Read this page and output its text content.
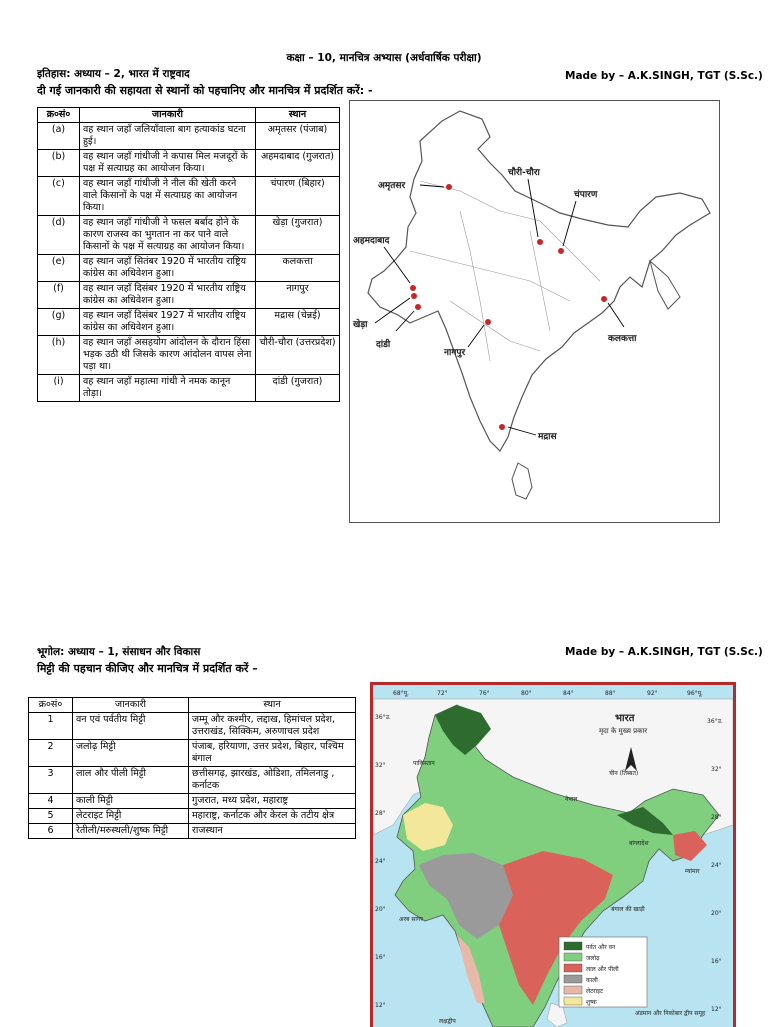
कक्षा – 10, मानचित्र अभ्यास (अर्धवार्षिक परीक्षा)
इतिहास: अध्याय – 2, भारत में राष्ट्रवाद	Made by – A.K.SINGH, TGT (S.Sc.)
दी गई जानकारी की सहायता से स्थानों को पहचानिए और मानचित्र में प्रदर्शित करें: -
क्र०सं०	जानकारी	स्थान
(a)	वह स्थान जहाँ जलियाँवाला बाग हत्याकांड घटना हुई।	अमृतसर (पंजाब)
(b)	वह स्थान जहाँ गांधीजी ने कपास मिल मजदूरों के पक्ष में सत्याग्रह का आयोजन किया।	अहमदाबाद (गुजरात)
(c)	वह स्थान जहाँ गांधीजी ने नील की खेती करने वाले किसानों के पक्ष में सत्याग्रह का आयोजन किया।	चंपारण (बिहार)
(d)	वह स्थान जहाँ गांधीजी ने फसल बर्बाद होने के कारण राजस्व का भुगतान ना कर पाने वाले किसानों के पक्ष में सत्याग्रह का आयोजन किया।	खेड़ा (गुजरात)
(e)	वह स्थान जहाँ सितंबर 1920 में भारतीय राष्ट्रिय कांग्रेस का अधिवेशन हुआ।	कलकत्ता
(f)	वह स्थान जहाँ दिसंबर 1920 में भारतीय राष्ट्रिय कांग्रेस का अधिवेशन हुआ।	नागपुर
(g)	वह स्थान जहाँ दिसंबर 1927 में भारतीय राष्ट्रिय कांग्रेस का अधिवेशन हुआ।	मद्रास (चेन्नई)
(h)	वह स्थान जहाँ असहयोग आंदोलन के दौरान हिंसा भड़क उठी थी जिसके कारण आंदोलन वापस लेना पड़ा था।	चौरी-चौरा (उत्तरप्रदेश)
(i)	वह स्थान जहाँ महात्मा गांधी ने नमक कानून तोड़ा।	दांडी (गुजरात)
अमृतसर
चौरी-चौरा
चंपारण
अहमदाबाद
खेड़ा
दांडी
नागपुर
कलकत्ता
मद्रास
भूगोल: अध्याय – 1, संसाधन और विकास	Made by – A.K.SINGH, TGT (S.Sc.)
मिट्टी की पहचान कीजिए और मानचित्र में प्रदर्शित करें –
क्र०सं०	जानकारी	स्थान
1	वन एवं पर्वतीय मिट्टी	जम्मू और कश्मीर, लद्दाख, हिमांचल प्रदेश, उत्तराखंड, सिक्किम, अरुणाचल प्रदेश
2	जलोढ़ मिट्टी	पंजाब, हरियाणा, उत्तर प्रदेश, बिहार, पश्चिम बंगाल
3	लाल और पीली मिट्टी	छत्तीसगढ़, झारखंड, ओडिशा, तमिलनाडु , कर्नाटक
4	काली मिट्टी	गुजरात, मध्य प्रदेश, महाराष्ट्र
5	लेटराइट मिट्टी	महाराष्ट्र, कर्नाटक और केरल के तटीय क्षेत्र
6	रेतीली/मरुस्थली/शुष्क मिट्टी	राजस्थान
68°पू.	72°	76°	80°	84°	88°	92°	96°पू.
36°उ.
32°
28°
24°
20°
16°
12°
36°उ.
32°
28°
24°
20°
16°
12°
भारत
मृदा के मुख्य प्रकार
पाकिस्तान
चीन (तिब्बत)
नेपाल
बांग्लादेश
म्यांमार
अरब सागर
बंगाल की खाड़ी
लक्षद्वीप
अंडमान और निकोबार द्वीप समूह
पर्वत और वन
जलोढ़
लाल और पीली
काली
लेटराइट
शुष्क
